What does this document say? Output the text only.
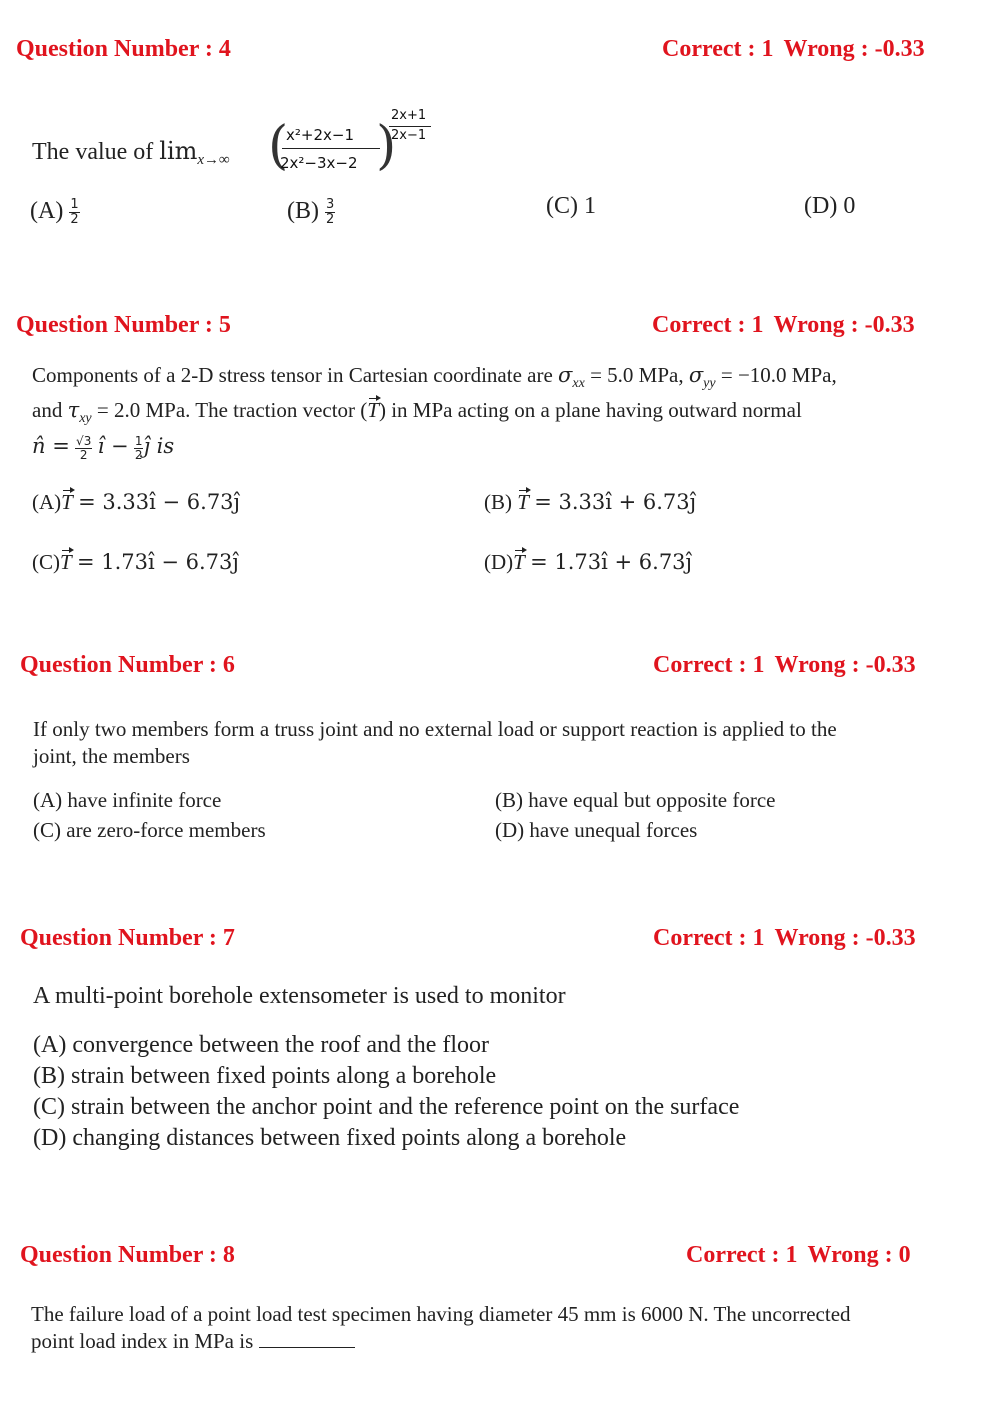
Question Number : 4	Correct : 1 Wrong : -0.33
The value of $\lim_{x\to\infty}$ (
x²+2x−1
2x²−3x−2 )
2x+1
2x−1
$(A) \frac{1}{2}$	$(B) \frac{3}{2}$	(C) 1	(D) 0
Question Number : 5	Correct : 1 Wrong : -0.33
Components of a 2-D stress tensor in Cartesian coordinate are $\sigma_{xx} = 5.0$ MPa, $\sigma_{yy} = -10.0$ MPa,
and $\tau_{xy} = 2.0$ MPa. The traction vector (T) in MPa acting on a plane having outward normal
n̂ = $\frac{√3}{2}$ ı̂ − $\frac{1}{2}$ ȷ̂ is
(A)T = 3.33ı̂ − 6.73ȷ̂	(B) T = 3.33ı̂ + 6.73ȷ̂
(C)T = 1.73ı̂ − 6.73ȷ̂	(D)T = 1.73ı̂ + 6.73ȷ̂
Question Number : 6	Correct : 1 Wrong : -0.33
If only two members form a truss joint and no external load or support reaction is applied to the
joint, the members
(A) have infinite force	(B) have equal but opposite force
(C) are zero-force members	(D) have unequal forces
Question Number : 7	Correct : 1 Wrong : -0.33
A multi-point borehole extensometer is used to monitor
(A) convergence between the roof and the floor
(B) strain between fixed points along a borehole
(C) strain between the anchor point and the reference point on the surface
(D) changing distances between fixed points along a borehole
Question Number : 8	Correct : 1 Wrong : 0
The failure load of a point load test specimen having diameter 45 mm is 6000 N. The uncorrected
point load index in MPa is
